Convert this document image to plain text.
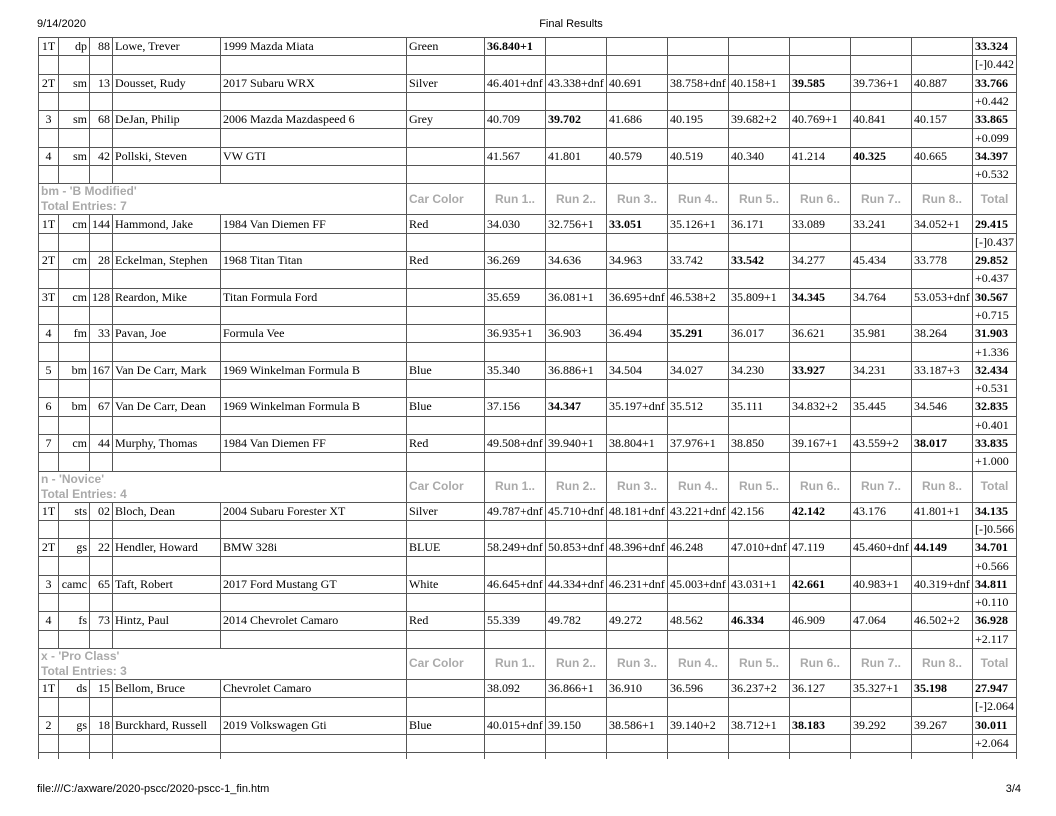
9/14/2020	Final Results
1T	dp	88	Lowe, Trever	1999 Mazda Miata	Green	36.840+1								33.324
														[-]0.442
2T	sm	13	Dousset, Rudy	2017 Subaru WRX	Silver	46.401+dnf	43.338+dnf	40.691	38.758+dnf	40.158+1	39.585	39.736+1	40.887	33.766
														+0.442
3	sm	68	DeJan, Philip	2006 Mazda Mazdaspeed 6	Grey	40.709	39.702	41.686	40.195	39.682+2	40.769+1	40.841	40.157	33.865
														+0.099
4	sm	42	Pollski, Steven	VW GTI		41.567	41.801	40.579	40.519	40.340	41.214	40.325	40.665	34.397
														+0.532

bm - 'B Modified'
Total Entries: 7					Car Color	Run 1..	Run 2..	Run 3..	Run 4..	Run 5..	Run 6..	Run 7..	Run 8..	Total
1T	cm	144	Hammond, Jake	1984 Van Diemen FF	Red	34.030	32.756+1	33.051	35.126+1	36.171	33.089	33.241	34.052+1	29.415
														[-]0.437
2T	cm	28	Eckelman, Stephen	1968 Titan Titan	Red	36.269	34.636	34.963	33.742	33.542	34.277	45.434	33.778	29.852
														+0.437
3T	cm	128	Reardon, Mike	Titan Formula Ford		35.659	36.081+1	36.695+dnf	46.538+2	35.809+1	34.345	34.764	53.053+dnf	30.567
														+0.715
4	fm	33	Pavan, Joe	Formula Vee		36.935+1	36.903	36.494	35.291	36.017	36.621	35.981	38.264	31.903
														+1.336
5	bm	167	Van De Carr, Mark	1969 Winkelman Formula B	Blue	35.340	36.886+1	34.504	34.027	34.230	33.927	34.231	33.187+3	32.434
														+0.531
6	bm	67	Van De Carr, Dean	1969 Winkelman Formula B	Blue	37.156	34.347	35.197+dnf	35.512	35.111	34.832+2	35.445	34.546	32.835
														+0.401
7	cm	44	Murphy, Thomas	1984 Van Diemen FF	Red	49.508+dnf	39.940+1	38.804+1	37.976+1	38.850	39.167+1	43.559+2	38.017	33.835
														+1.000

n - 'Novice'
Total Entries: 4					Car Color	Run 1..	Run 2..	Run 3..	Run 4..	Run 5..	Run 6..	Run 7..	Run 8..	Total
1T	sts	02	Bloch, Dean	2004 Subaru Forester XT	Silver	49.787+dnf	45.710+dnf	48.181+dnf	43.221+dnf	42.156	42.142	43.176	41.801+1	34.135
														[-]0.566
2T	gs	22	Hendler, Howard	BMW 328i	BLUE	58.249+dnf	50.853+dnf	48.396+dnf	46.248	47.010+dnf	47.119	45.460+dnf	44.149	34.701
														+0.566
3	camc	65	Taft, Robert	2017 Ford Mustang GT	White	46.645+dnf	44.334+dnf	46.231+dnf	45.003+dnf	43.031+1	42.661	40.983+1	40.319+dnf	34.811
														+0.110
4	fs	73	Hintz, Paul	2014 Chevrolet Camaro	Red	55.339	49.782	49.272	48.562	46.334	46.909	47.064	46.502+2	36.928
														+2.117

x - 'Pro Class'
Total Entries: 3					Car Color	Run 1..	Run 2..	Run 3..	Run 4..	Run 5..	Run 6..	Run 7..	Run 8..	Total
1T	ds	15	Bellom, Bruce	Chevrolet Camaro		38.092	36.866+1	36.910	36.596	36.237+2	36.127	35.327+1	35.198	27.947
														[-]2.064
2	gs	18	Burckhard, Russell	2019 Volkswagen Gti	Blue	40.015+dnf	39.150	38.586+1	39.140+2	38.712+1	38.183	39.292	39.267	30.011
														+2.064

file:///C:/axware/2020-pscc/2020-pscc-1_fin.htm	3/4
